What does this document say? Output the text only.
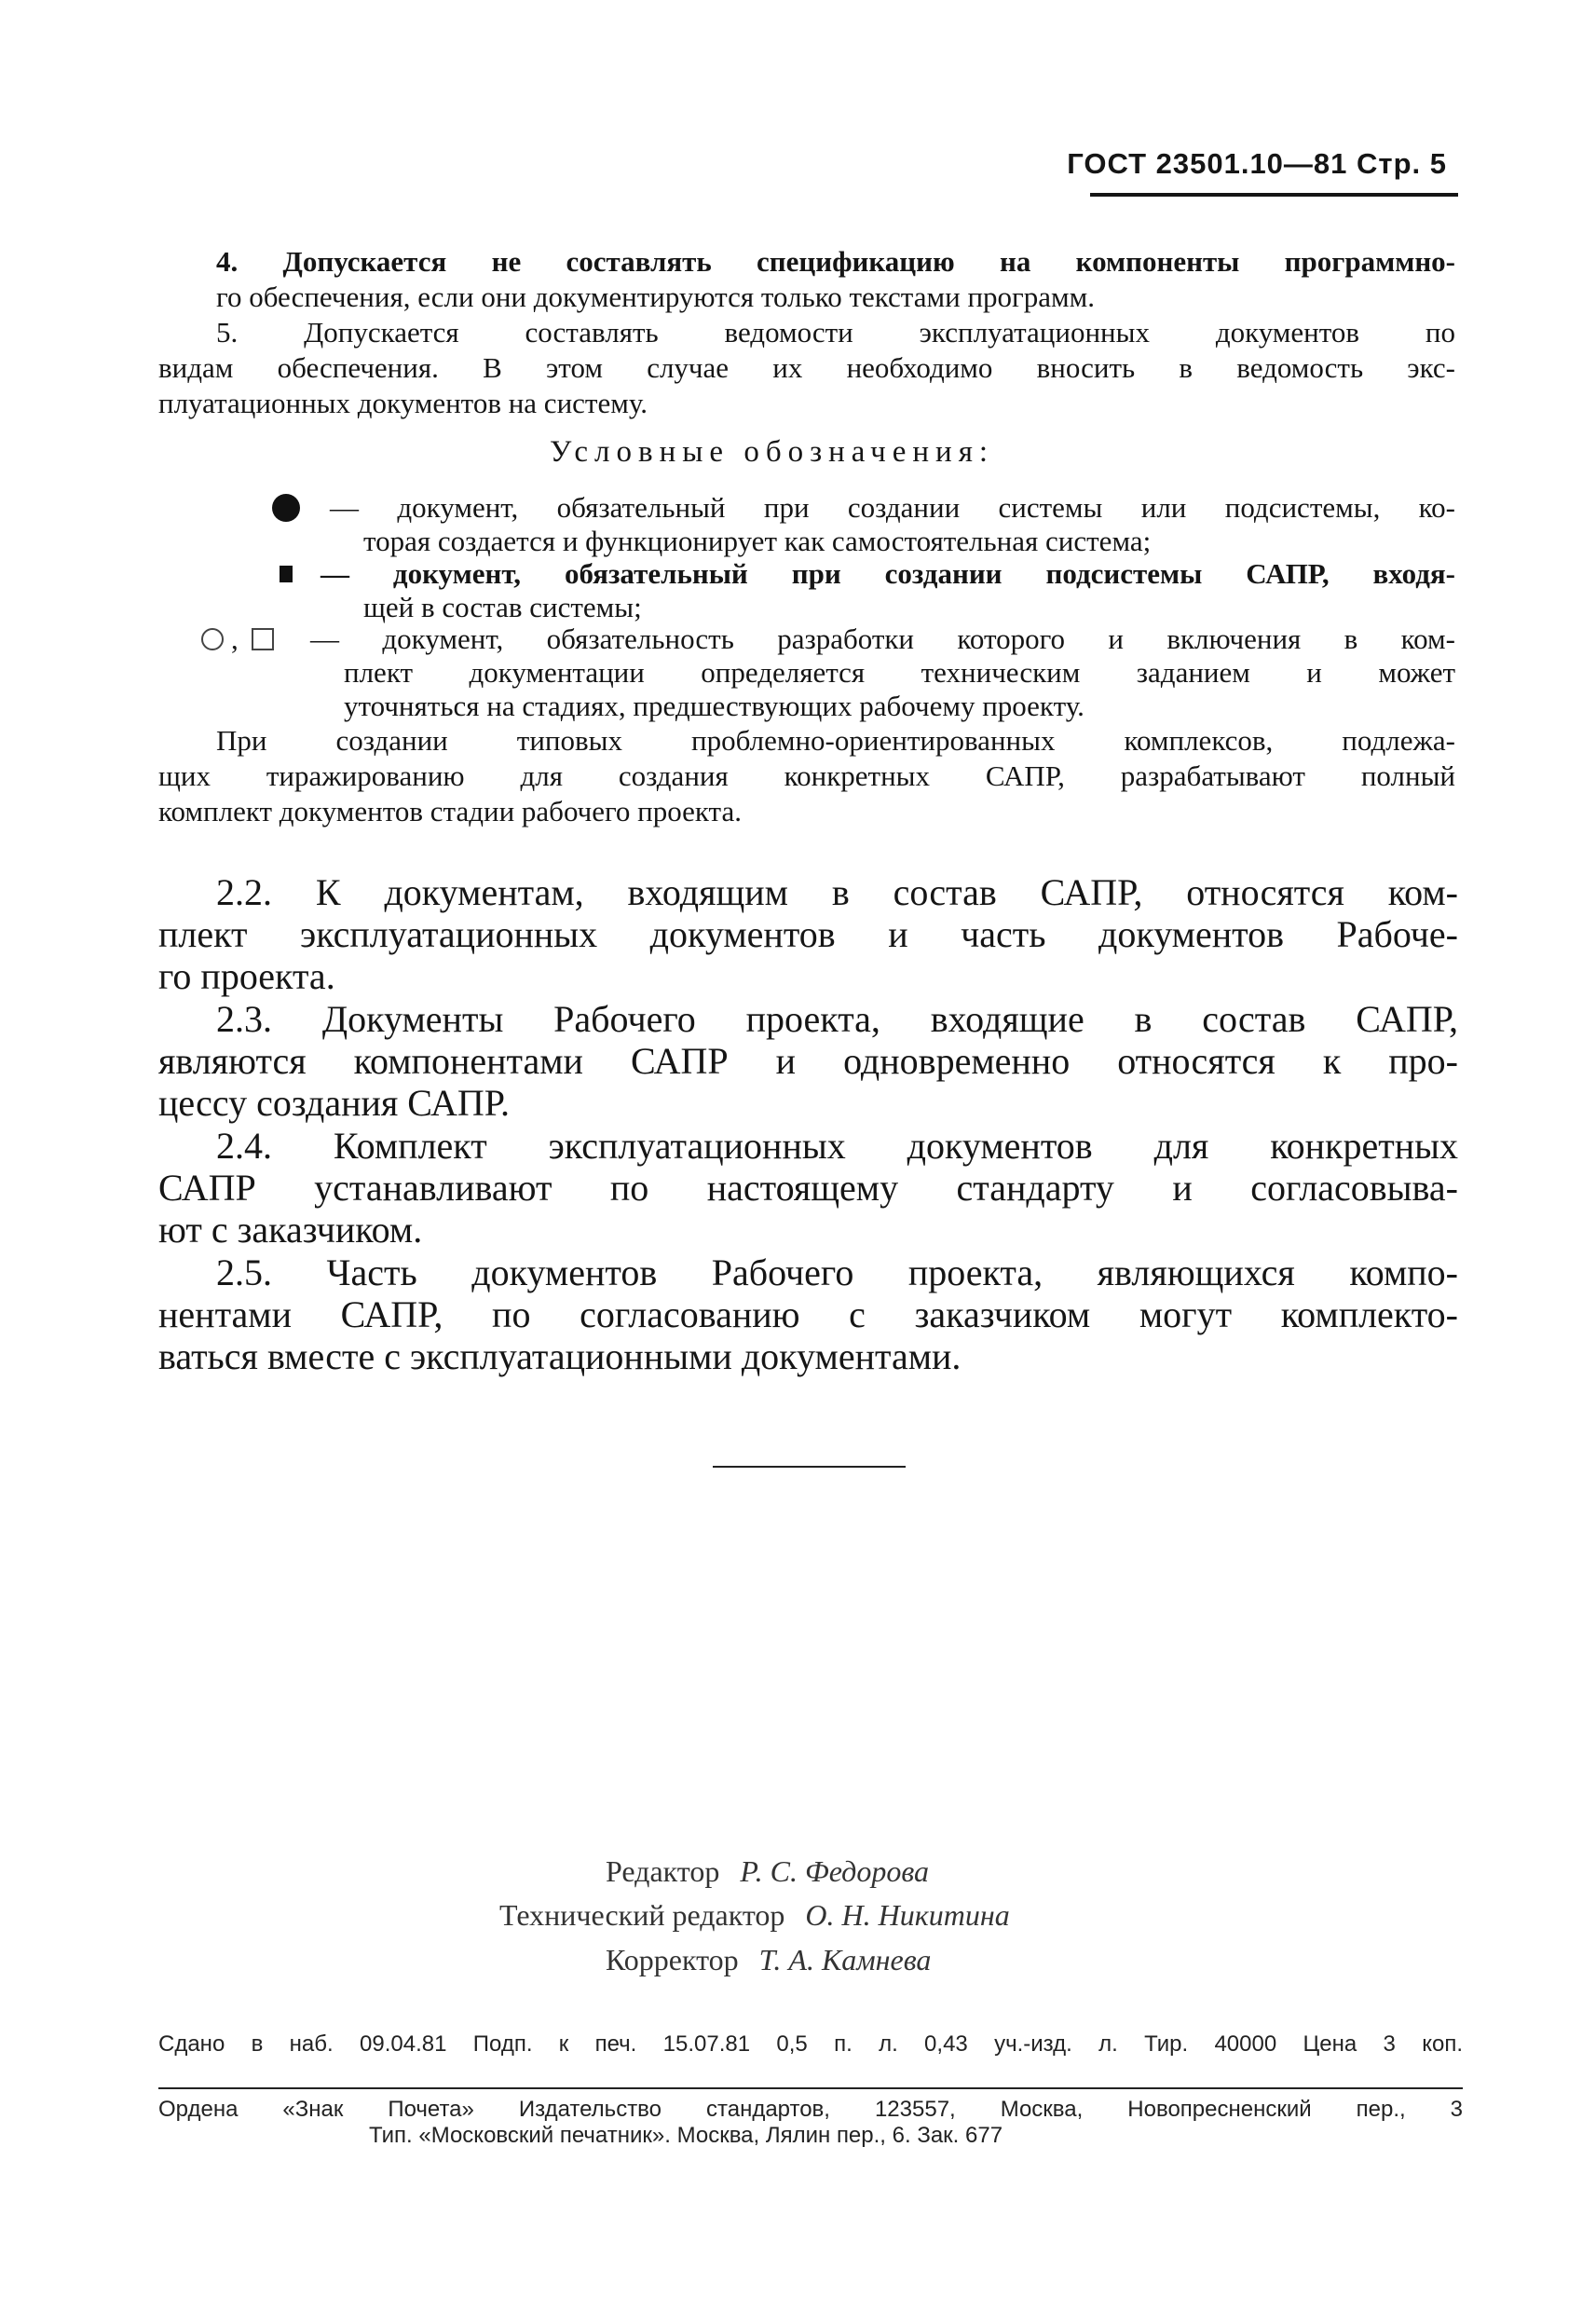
ГОСТ 23501.10—81 Стр. 5

4. Допускается не составлять спецификацию на компоненты программно-

го обеспечения, если они документируются только текстами программ.

5. Допускается составлять ведомости эксплуатационных документов по

видам обеспечения. В этом случае их необходимо вносить в ведомость экс-

плуатационных документов на систему.

Условные обозначения:

— документ, обязательный при создании системы или подсистемы, ко-

торая создается и функционирует как самостоятельная система;

— документ, обязательный при создании подсистемы САПР, входя-

щей в состав системы;

, — документ, обязательность разработки которого и включения в ком-

плект документации определяется техническим заданием и может

уточняться на стадиях, предшествующих рабочему проекту.

При создании типовых проблемно-ориентированных комплексов, подлежа-

щих тиражированию для создания конкретных САПР, разрабатывают полный

комплект документов стадии рабочего проекта.

2.2. К документам, входящим в состав САПР, относятся ком-

плект эксплуатационных документов и часть документов Рабоче-

го проекта.

2.3. Документы Рабочего проекта, входящие в состав САПР,

являются компонентами САПР и одновременно относятся к про-

цессу создания САПР.

2.4. Комплект эксплуатационных документов для конкретных

САПР устанавливают по настоящему стандарту и согласовыва-

ют с заказчиком.

2.5. Часть документов Рабочего проекта, являющихся компо-

нентами САПР, по согласованию с заказчиком могут комплекто-

ваться вместе с эксплуатационными документами.

Редактор Р. С. Федорова
Технический редактор О. Н. Никитина
Корректор Т. А. Камнева

Сдано в наб. 09.04.81 Подп. к печ. 15.07.81 0,5 п. л. 0,43 уч.-изд. л. Тир. 40000 Цена 3 коп.

Ордена «Знак Почета» Издательство стандартов, 123557, Москва, Новопресненский пер., 3

Тип. «Московский печатник». Москва, Лялин пер., 6. Зак. 677
